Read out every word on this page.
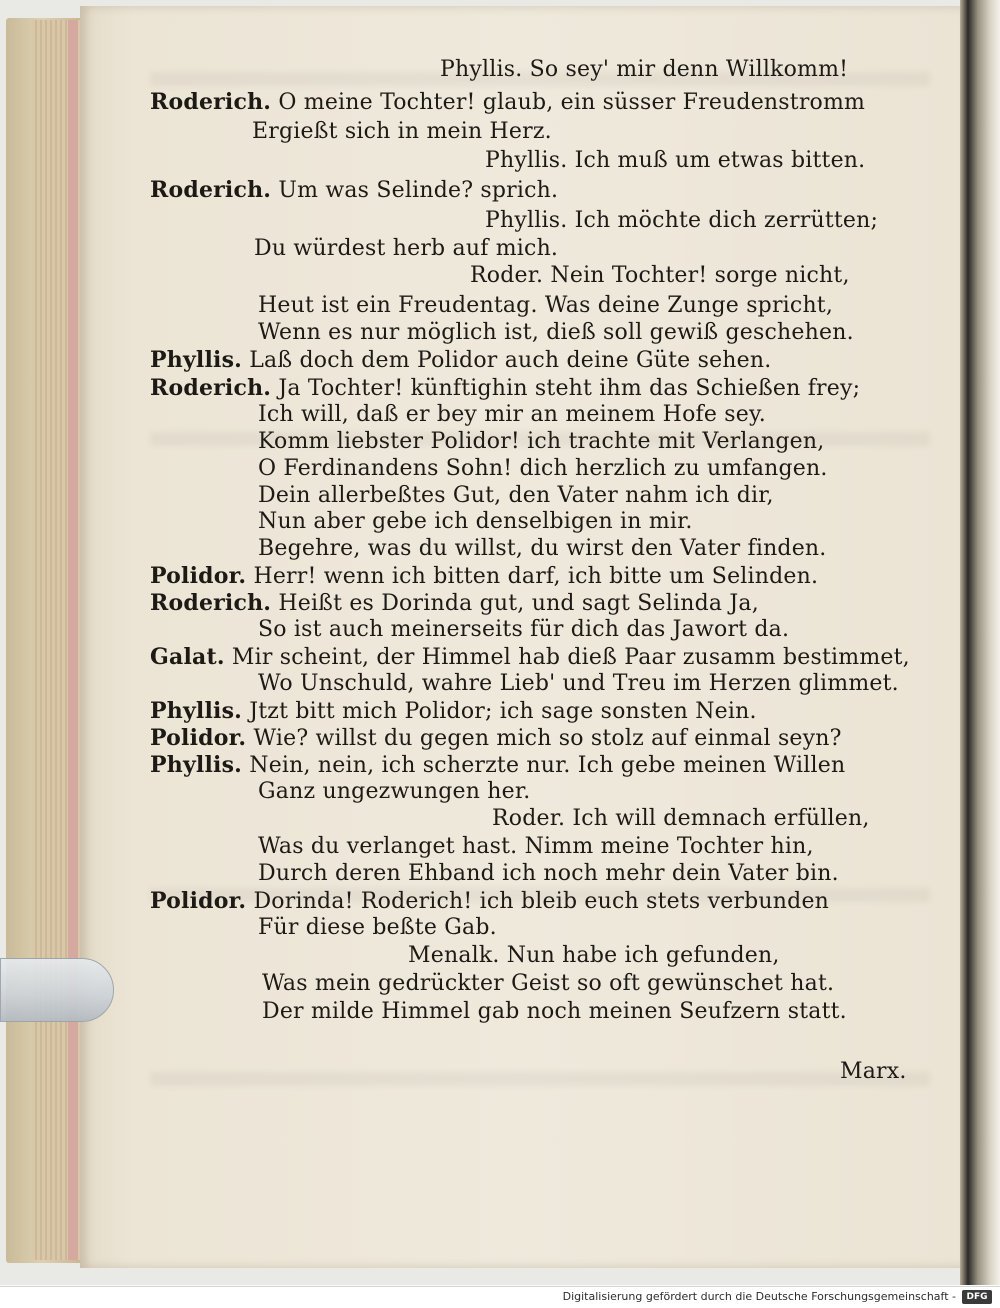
Phyllis. So sey' mir denn Willkomm!
Roderich. O meine Tochter! glaub, ein süsser Freudenstromm
Ergießt sich in mein Herz.
Phyllis. Ich muß um etwas bitten.
Roderich. Um was Selinde? sprich.
Phyllis. Ich möchte dich zerrütten;
Du würdest herb auf mich.
Roder. Nein Tochter! sorge nicht,
Heut ist ein Freudentag. Was deine Zunge spricht,
Wenn es nur möglich ist, dieß soll gewiß geschehen.
Phyllis. Laß doch dem Polidor auch deine Güte sehen.
Roderich. Ja Tochter! künftighin steht ihm das Schießen frey;
Ich will, daß er bey mir an meinem Hofe sey.
Komm liebster Polidor! ich trachte mit Verlangen,
O Ferdinandens Sohn! dich herzlich zu umfangen.
Dein allerbeßtes Gut, den Vater nahm ich dir,
Nun aber gebe ich denselbigen in mir.
Begehre, was du willst, du wirst den Vater finden.
Polidor. Herr! wenn ich bitten darf, ich bitte um Selinden.
Roderich. Heißt es Dorinda gut, und sagt Selinda Ja,
So ist auch meinerseits für dich das Jawort da.
Galat. Mir scheint, der Himmel hab dieß Paar zusamm bestimmet,
Wo Unschuld, wahre Lieb' und Treu im Herzen glimmet.
Phyllis. Jtzt bitt mich Polidor; ich sage sonsten Nein.
Polidor. Wie? willst du gegen mich so stolz auf einmal seyn?
Phyllis. Nein, nein, ich scherzte nur. Ich gebe meinen Willen
Ganz ungezwungen her.
Roder. Ich will demnach erfüllen,
Was du verlanget hast. Nimm meine Tochter hin,
Durch deren Ehband ich noch mehr dein Vater bin.
Polidor. Dorinda! Roderich! ich bleib euch stets verbunden
Für diese beßte Gab.
Menalk. Nun habe ich gefunden,
Was mein gedrückter Geist so oft gewünschet hat.
Der milde Himmel gab noch meinen Seufzern statt.
Marx.
Digitalisierung gefördert durch die Deutsche Forschungsgemeinschaft -	DFG
